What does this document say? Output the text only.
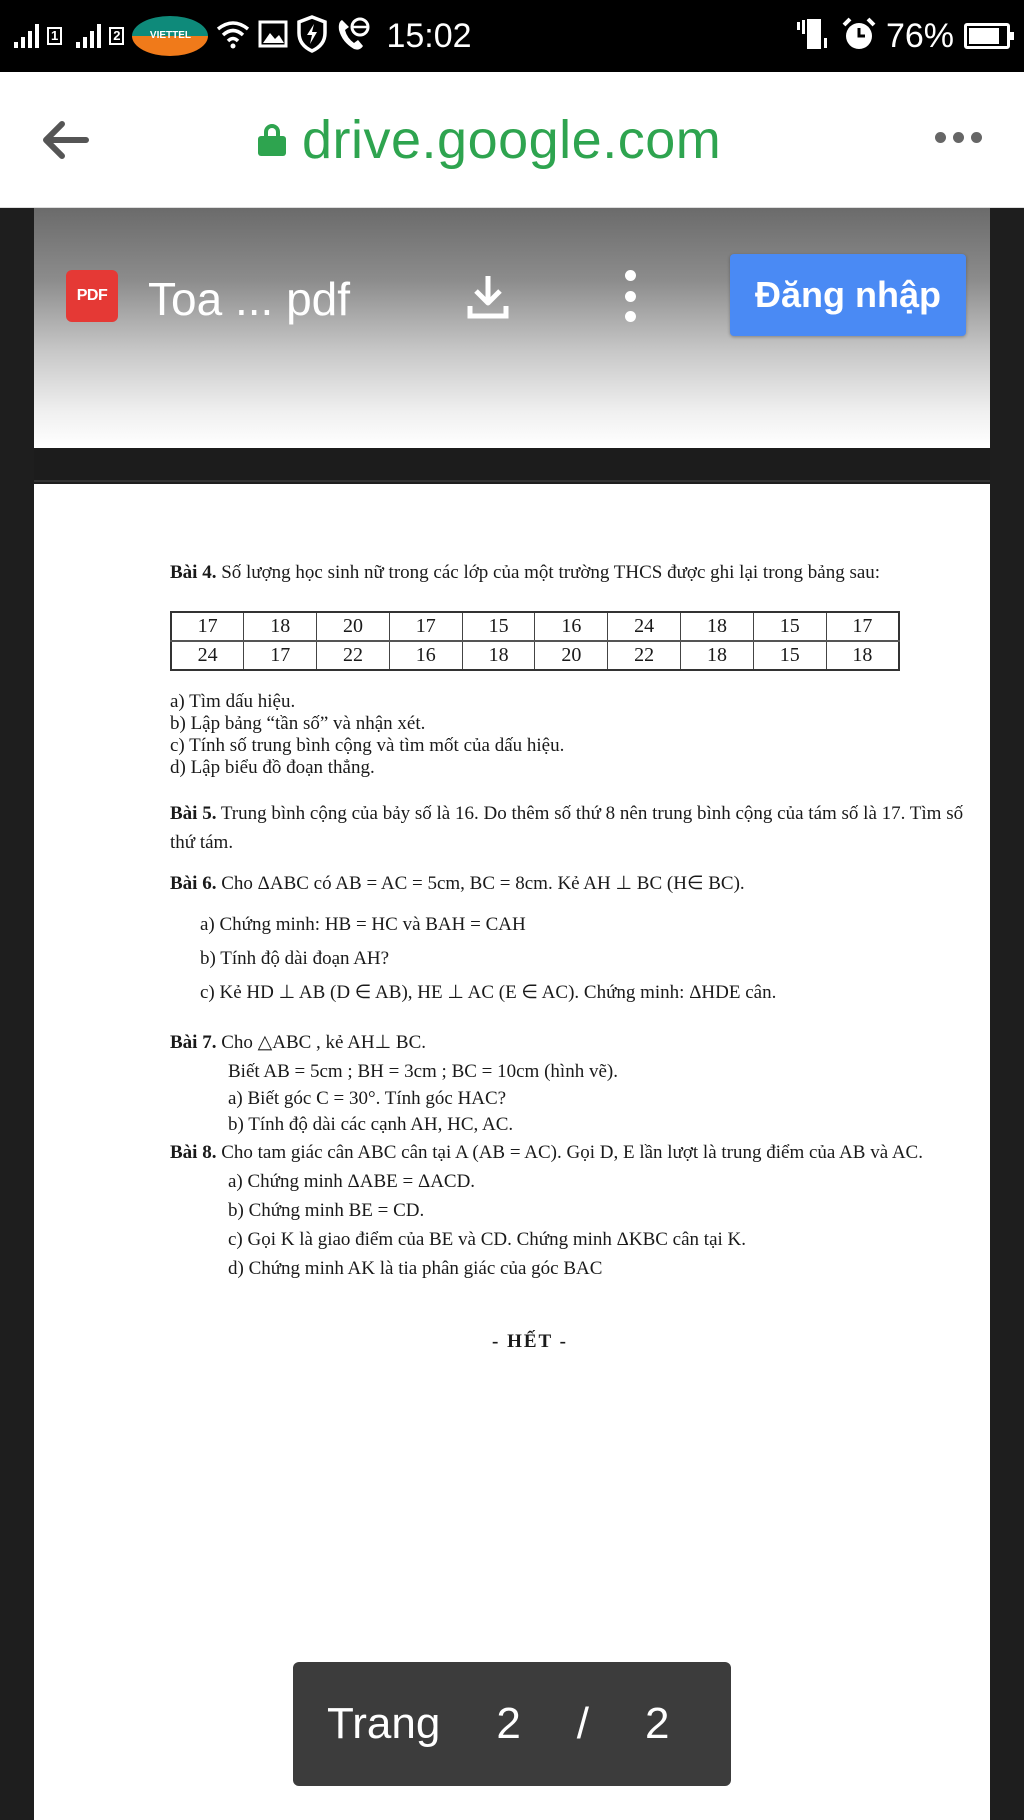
1	2	VIETTEL	15:02	76%
drive.google.com
PDF Toa ... pdf	Đăng nhập

Bài 4. Số lượng học sinh nữ trong các lớp của một trường THCS được ghi lại trong bảng sau:

17	18	20	17	15	16	24	18	15	17
24	17	22	16	18	20	22	18	15	18

a) Tìm dấu hiệu.

b) Lập bảng “tần số” và nhận xét.

c) Tính số trung bình cộng và tìm mốt của dấu hiệu.

d) Lập biểu đồ đoạn thẳng.

Bài 5. Trung bình cộng của bảy số là 16. Do thêm số thứ 8 nên trung bình cộng của tám số là 17. Tìm số thứ tám.

Bài 6. Cho ΔABC có AB = AC = 5cm, BC = 8cm. Kẻ AH ⊥ BC (H∈ BC).

a) Chứng minh: HB = HC và BAH = CAH

b) Tính độ dài đoạn AH?

c) Kẻ HD ⊥ AB (D ∈ AB), HE ⊥ AC (E ∈ AC). Chứng minh: ΔHDE cân.

Bài 7. Cho △ABC , kẻ AH⊥ BC.

Biết AB = 5cm ; BH = 3cm ; BC = 10cm (hình vẽ).

a) Biết góc C = 30°. Tính góc HAC?

b) Tính độ dài các cạnh AH, HC, AC.

Bài 8. Cho tam giác cân ABC cân tại A (AB = AC). Gọi D, E lần lượt là trung điểm của AB và AC.

a) Chứng minh ΔABE = ΔACD.

b) Chứng minh BE = CD.

c) Gọi K là giao điểm của BE và CD. Chứng minh ΔKBC cân tại K.

d) Chứng minh AK là tia phân giác của góc BAC

- HẾT -

Trang 2 / 2
